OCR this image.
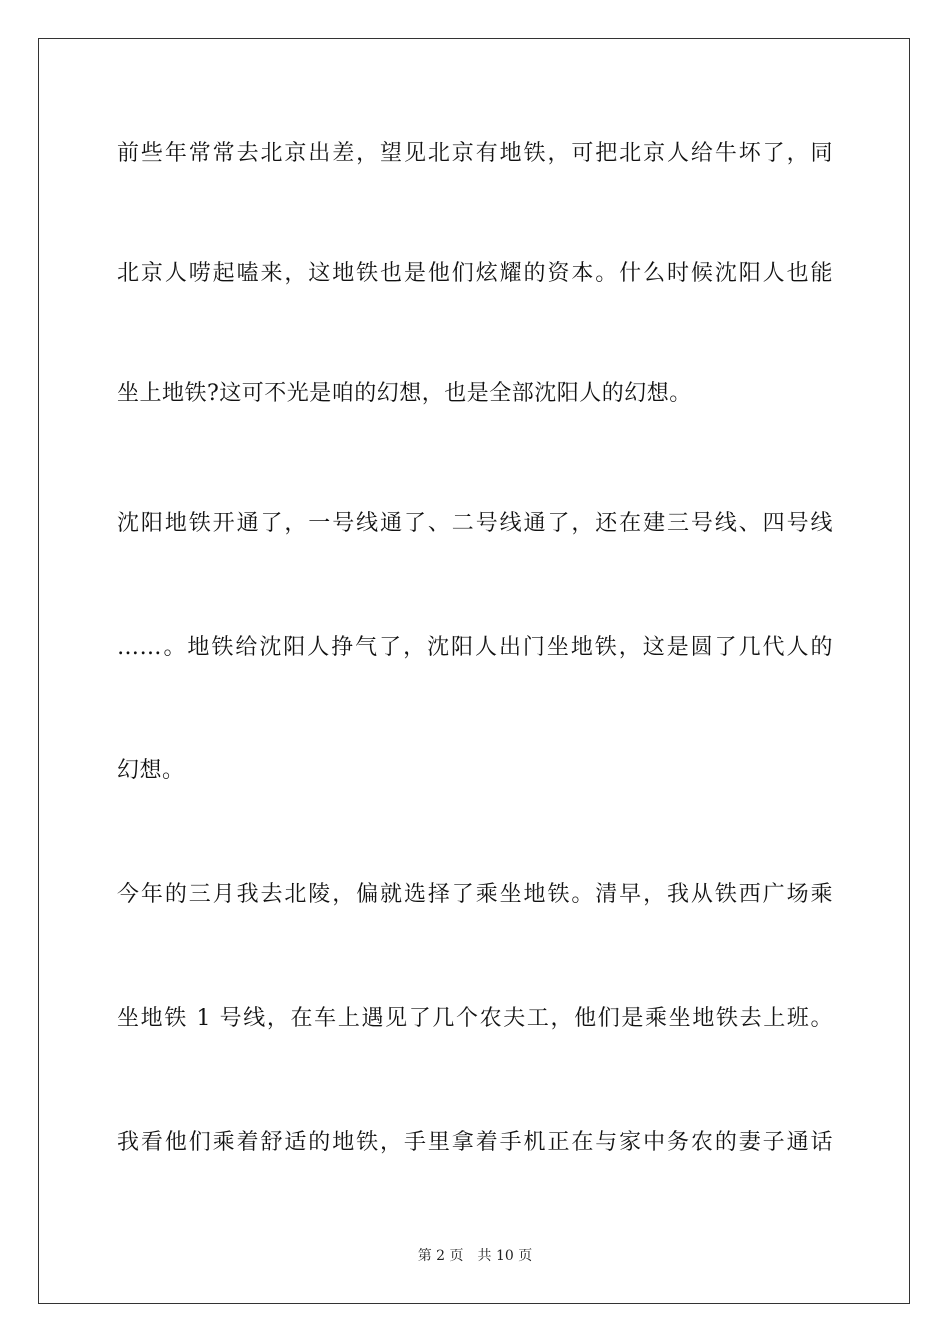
前些年常常去北京出差，望见北京有地铁，可把北京人给牛坏了，同
北京人唠起嗑来，这地铁也是他们炫耀的资本。什么时候沈阳人也能
坐上地铁?这可不光是咱的幻想，也是全部沈阳人的幻想。
沈阳地铁开通了，一号线通了、二号线通了，还在建三号线、四号线
……。地铁给沈阳人挣气了，沈阳人出门坐地铁，这是圆了几代人的
幻想。
今年的三月我去北陵，偏就选择了乘坐地铁。清早，我从铁西广场乘
坐地铁 1 号线，在车上遇见了几个农夫工，他们是乘坐地铁去上班。
我看他们乘着舒适的地铁，手里拿着手机正在与家中务农的妻子通话
第 2 页 共 10 页
